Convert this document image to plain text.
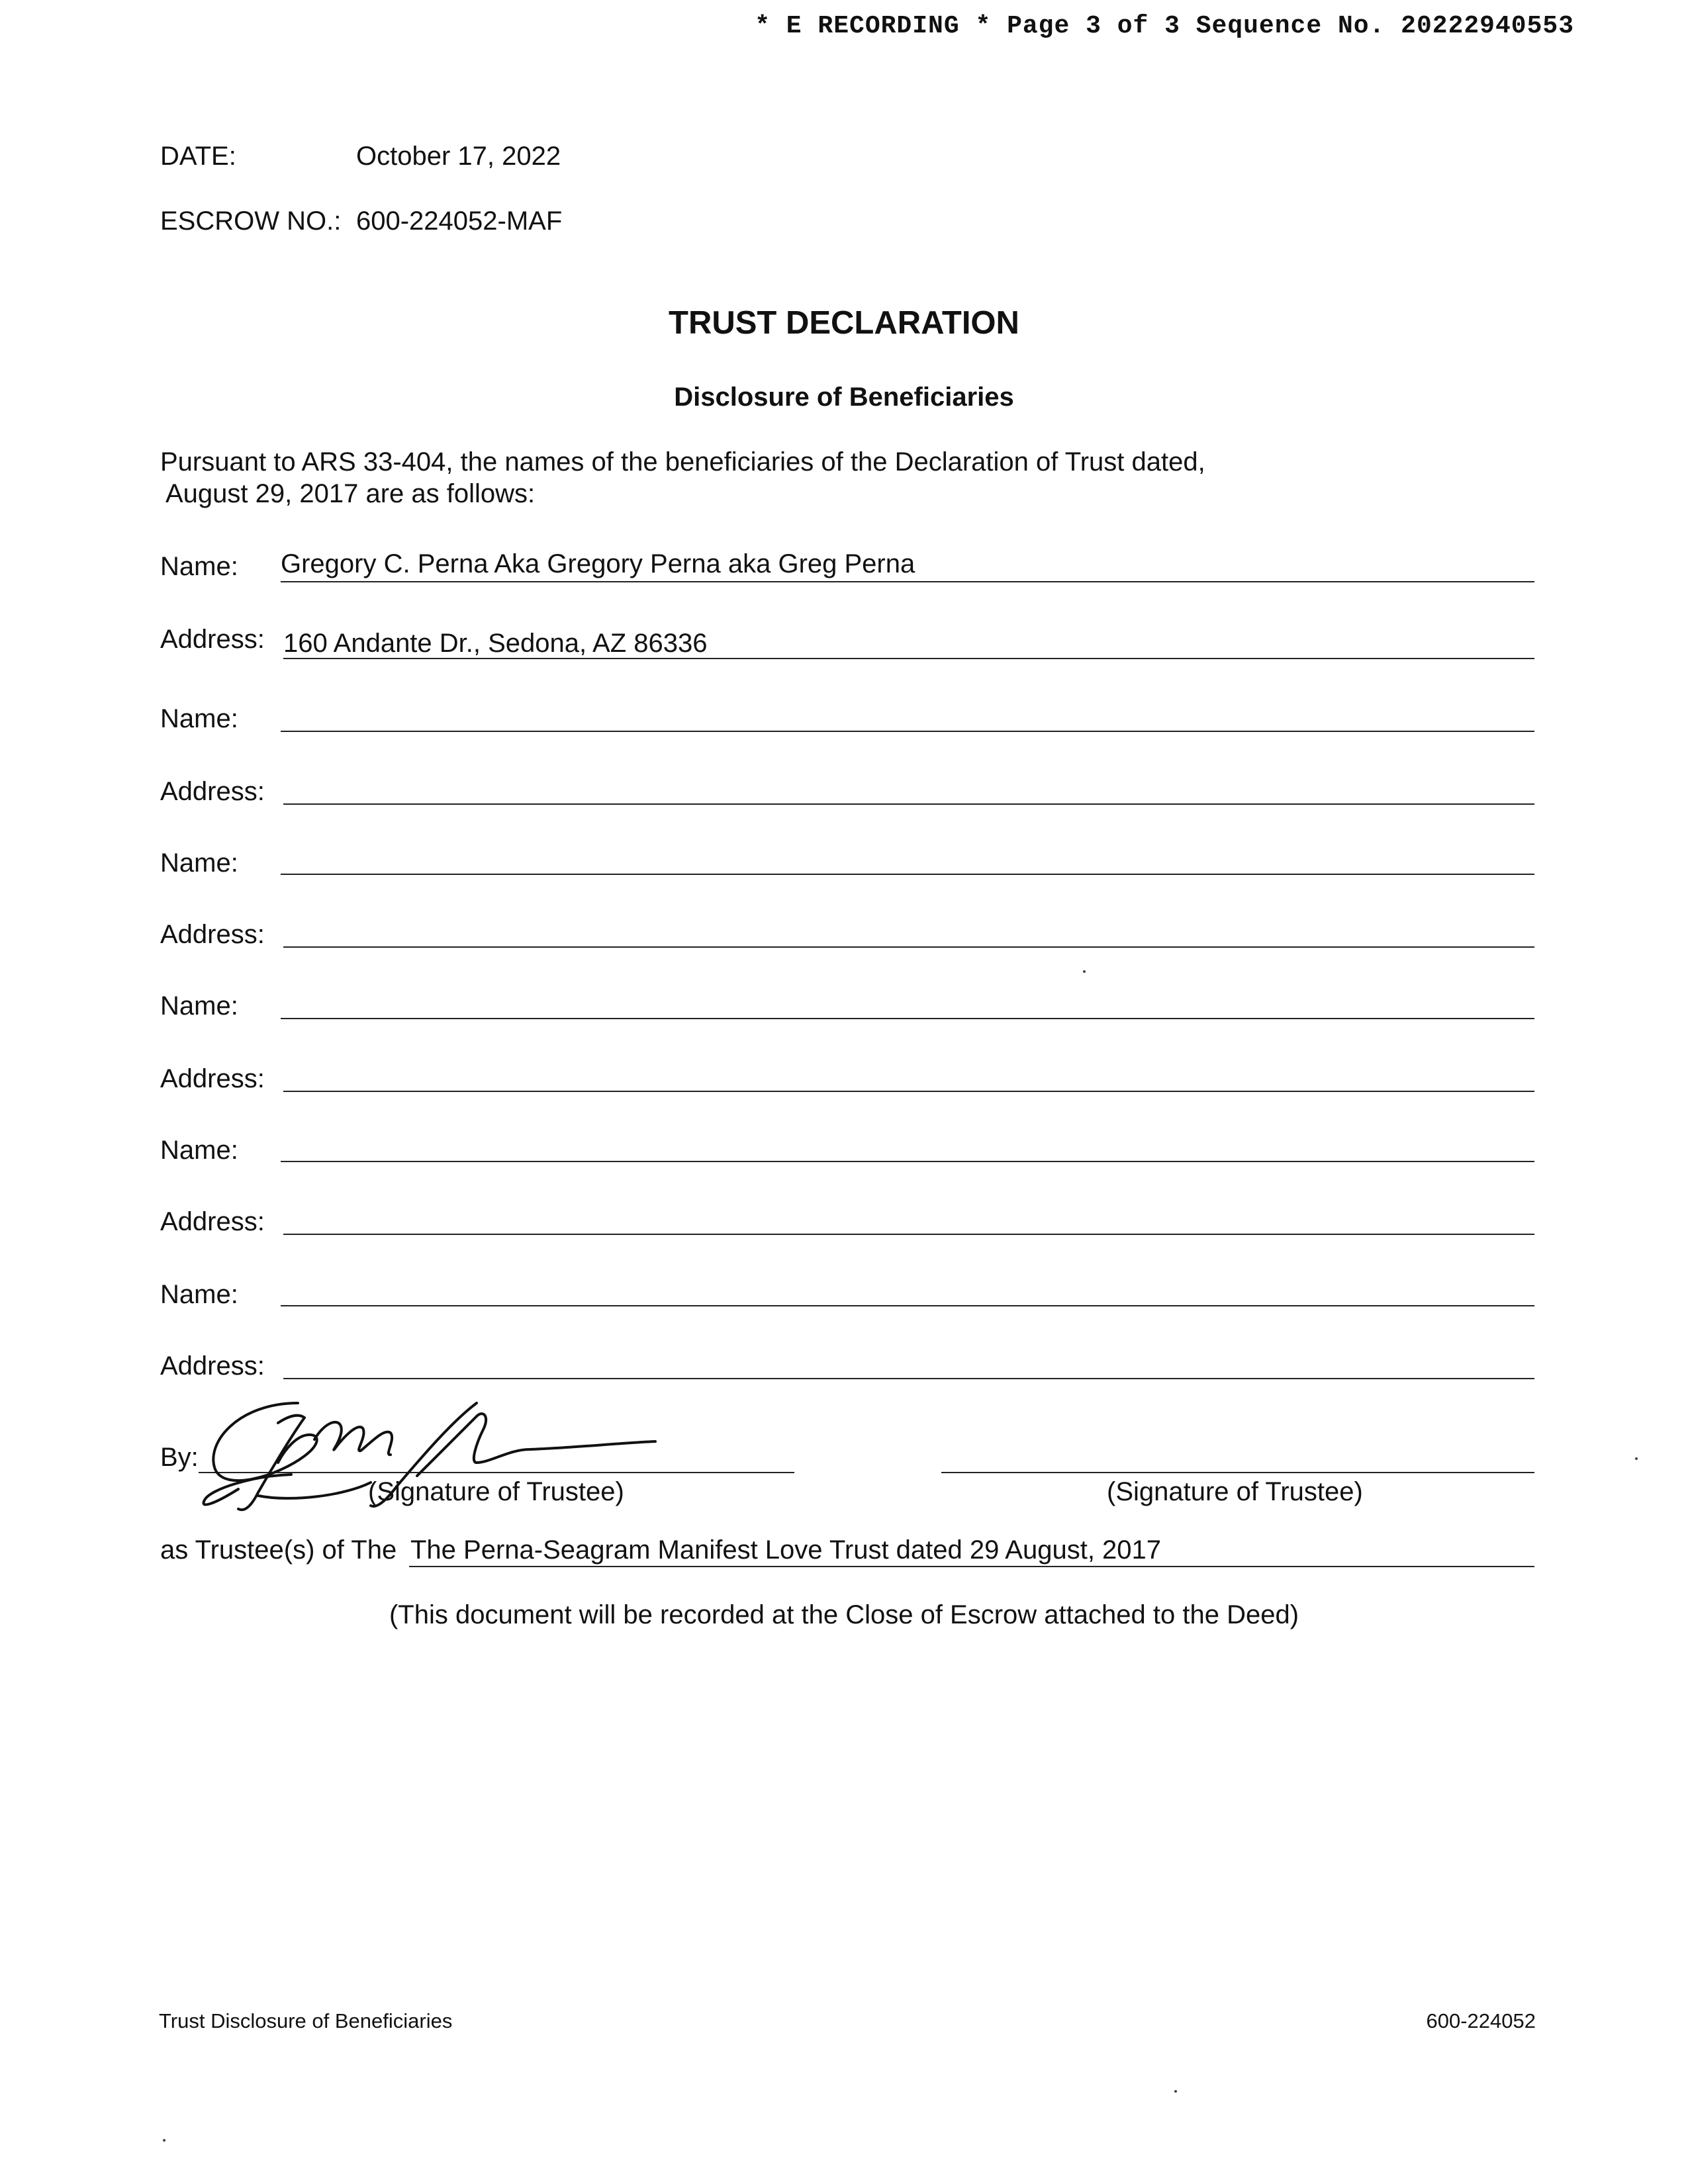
* E RECORDING * Page 3 of 3 Sequence No. 20222940553
DATE:	October 17, 2022
ESCROW NO.: 600-224052-MAF
TRUST DECLARATION
Disclosure of Beneficiaries
Pursuant to ARS 33-404, the names of the beneficiaries of the Declaration of Trust dated,
August 29, 2017 are as follows:
Name: Gregory C. Perna Aka Gregory Perna aka Greg Perna
Address: 160 Andante Dr., Sedona, AZ 86336
Name:
Address:
Name:
Address:
Name:
Address:
Name:
Address:
Name:
Address:
By:
(Signature of Trustee)	(Signature of Trustee)
as Trustee(s) of The The Perna-Seagram Manifest Love Trust dated 29 August, 2017
(This document will be recorded at the Close of Escrow attached to the Deed)
Trust Disclosure of Beneficiaries	600-224052
